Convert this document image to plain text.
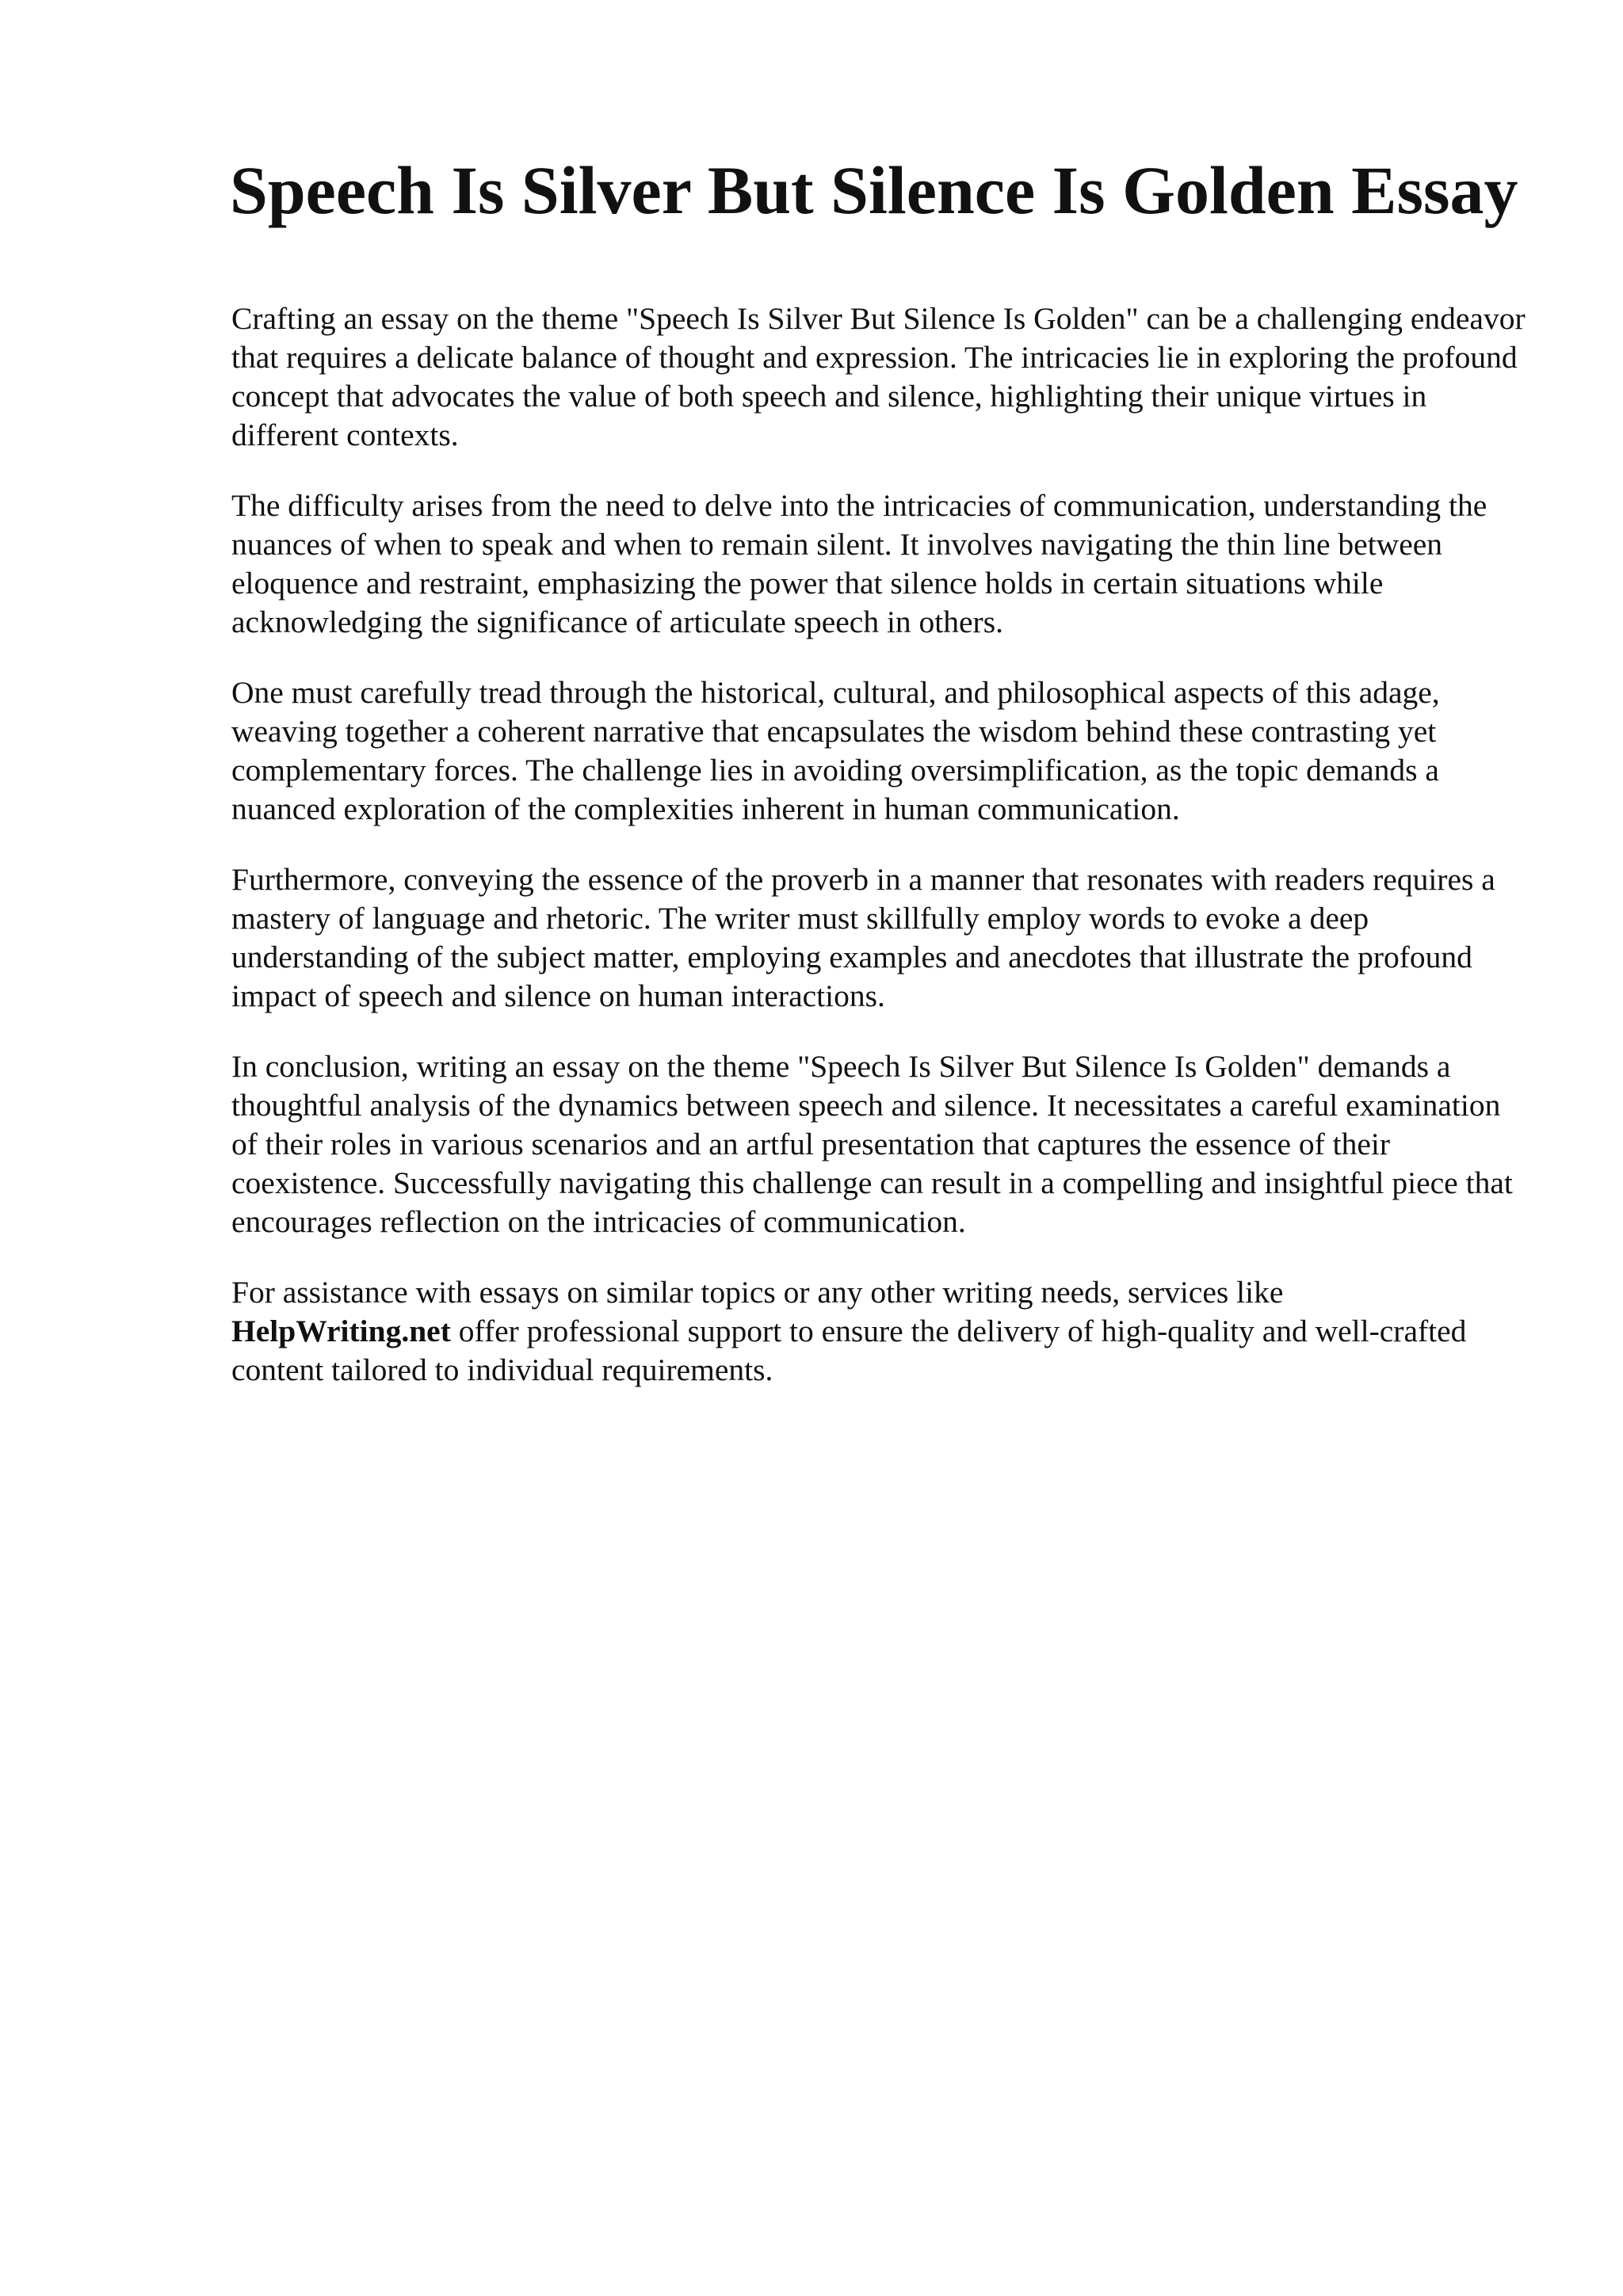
Speech Is Silver But Silence Is Golden Essay

Crafting an essay on the theme "Speech Is Silver But Silence Is Golden" can be a challenging endeavor that requires a delicate balance of thought and expression. The intricacies lie in exploring the profound concept that advocates the value of both speech and silence, highlighting their unique virtues in different contexts.

The difficulty arises from the need to delve into the intricacies of communication, understanding the nuances of when to speak and when to remain silent. It involves navigating the thin line between eloquence and restraint, emphasizing the power that silence holds in certain situations while acknowledging the significance of articulate speech in others.

One must carefully tread through the historical, cultural, and philosophical aspects of this adage, weaving together a coherent narrative that encapsulates the wisdom behind these contrasting yet complementary forces. The challenge lies in avoiding oversimplification, as the topic demands a nuanced exploration of the complexities inherent in human communication.

Furthermore, conveying the essence of the proverb in a manner that resonates with readers requires a mastery of language and rhetoric. The writer must skillfully employ words to evoke a deep understanding of the subject matter, employing examples and anecdotes that illustrate the profound impact of speech and silence on human interactions.

In conclusion, writing an essay on the theme "Speech Is Silver But Silence Is Golden" demands a thoughtful analysis of the dynamics between speech and silence. It necessitates a careful examination of their roles in various scenarios and an artful presentation that captures the essence of their coexistence. Successfully navigating this challenge can result in a compelling and insightful piece that encourages reflection on the intricacies of communication.

For assistance with essays on similar topics or any other writing needs, services like
HelpWriting.net offer professional support to ensure the delivery of high-quality and well-crafted content tailored to individual requirements.
